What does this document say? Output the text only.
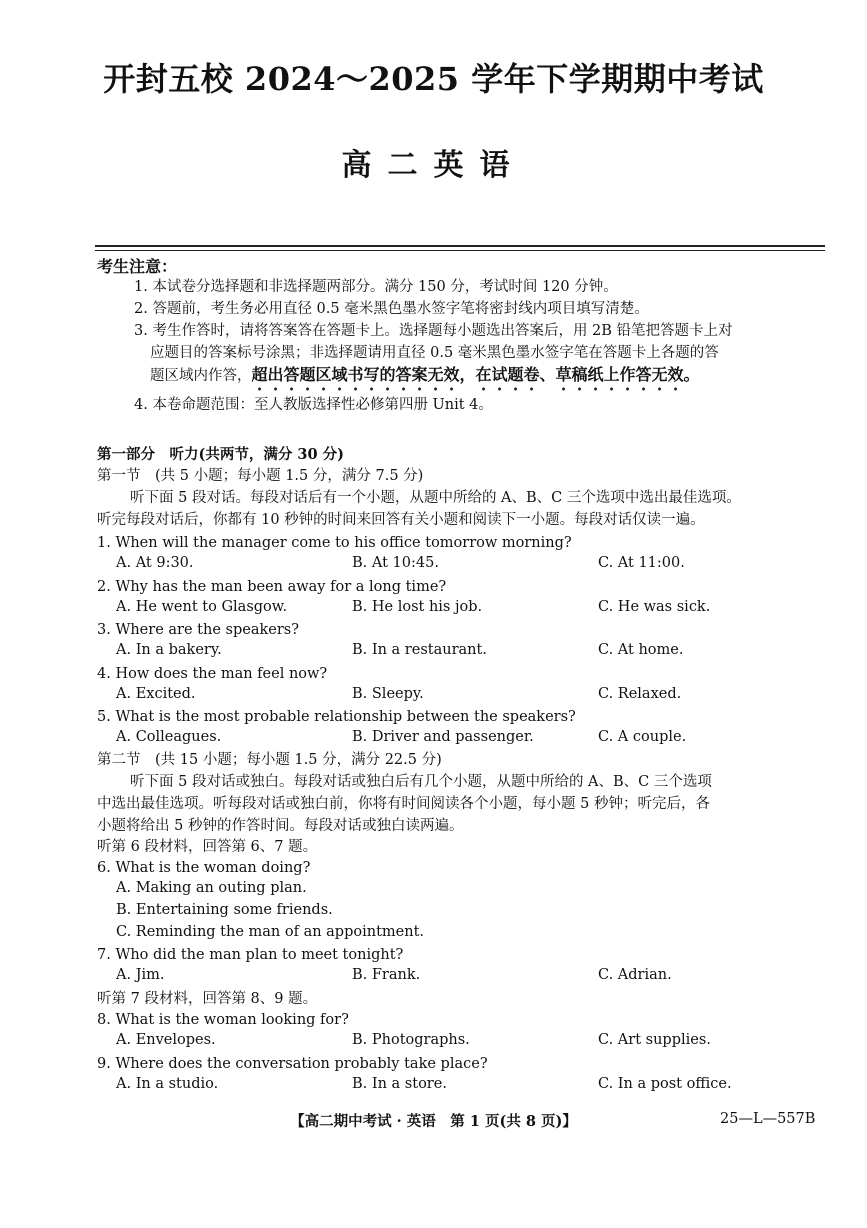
开封五校 2024～2025 学年下学期期中考试
高二英语
考生注意：
1. 本试卷分选择题和非选择题两部分。满分 150 分，考试时间 120 分钟。
2. 答题前，考生务必用直径 0.5 毫米黑色墨水签字笔将密封线内项目填写清楚。
3. 考生作答时，请将答案答在答题卡上。选择题每小题选出答案后，用 2B 铅笔把答题卡上对
应题目的答案标号涂黑；非选择题请用直径 0.5 毫米黑色墨水签字笔在答题卡上各题的答
题区域内作答，超出答题区域书写的答案无效，在试题卷、草稿纸上作答无效。
4. 本卷命题范围：至人教版选择性必修第四册 Unit 4。
第一部分　听力(共两节，满分 30 分)
第一节　(共 5 小题；每小题 1.5 分，满分 7.5 分)
听下面 5 段对话。每段对话后有一个小题，从题中所给的 A、B、C 三个选项中选出最佳选项。
听完每段对话后，你都有 10 秒钟的时间来回答有关小题和阅读下一小题。每段对话仅读一遍。
1. When will the manager come to his office tomorrow morning?
A. At 9:30.	B. At 10:45.	C. At 11:00.
2. Why has the man been away for a long time?
A. He went to Glasgow.	B. He lost his job.	C. He was sick.
3. Where are the speakers?
A. In a bakery.	B. In a restaurant.	C. At home.
4. How does the man feel now?
A. Excited.	B. Sleepy.	C. Relaxed.
5. What is the most probable relationship between the speakers?
A. Colleagues.	B. Driver and passenger.	C. A couple.
第二节　(共 15 小题；每小题 1.5 分，满分 22.5 分)
听下面 5 段对话或独白。每段对话或独白后有几个小题，从题中所给的 A、B、C 三个选项
中选出最佳选项。听每段对话或独白前，你将有时间阅读各个小题，每小题 5 秒钟；听完后，各
小题将给出 5 秒钟的作答时间。每段对话或独白读两遍。
听第 6 段材料，回答第 6、7 题。
6. What is the woman doing?
A. Making an outing plan.
B. Entertaining some friends.
C. Reminding the man of an appointment.
7. Who did the man plan to meet tonight?
A. Jim.	B. Frank.	C. Adrian.
听第 7 段材料，回答第 8、9 题。
8. What is the woman looking for?
A. Envelopes.	B. Photographs.	C. Art supplies.
9. Where does the conversation probably take place?
A. In a studio.	B. In a store.	C. In a post office.
【高二期中考试 · 英语　第 1 页(共 8 页)】	25—L—557B
